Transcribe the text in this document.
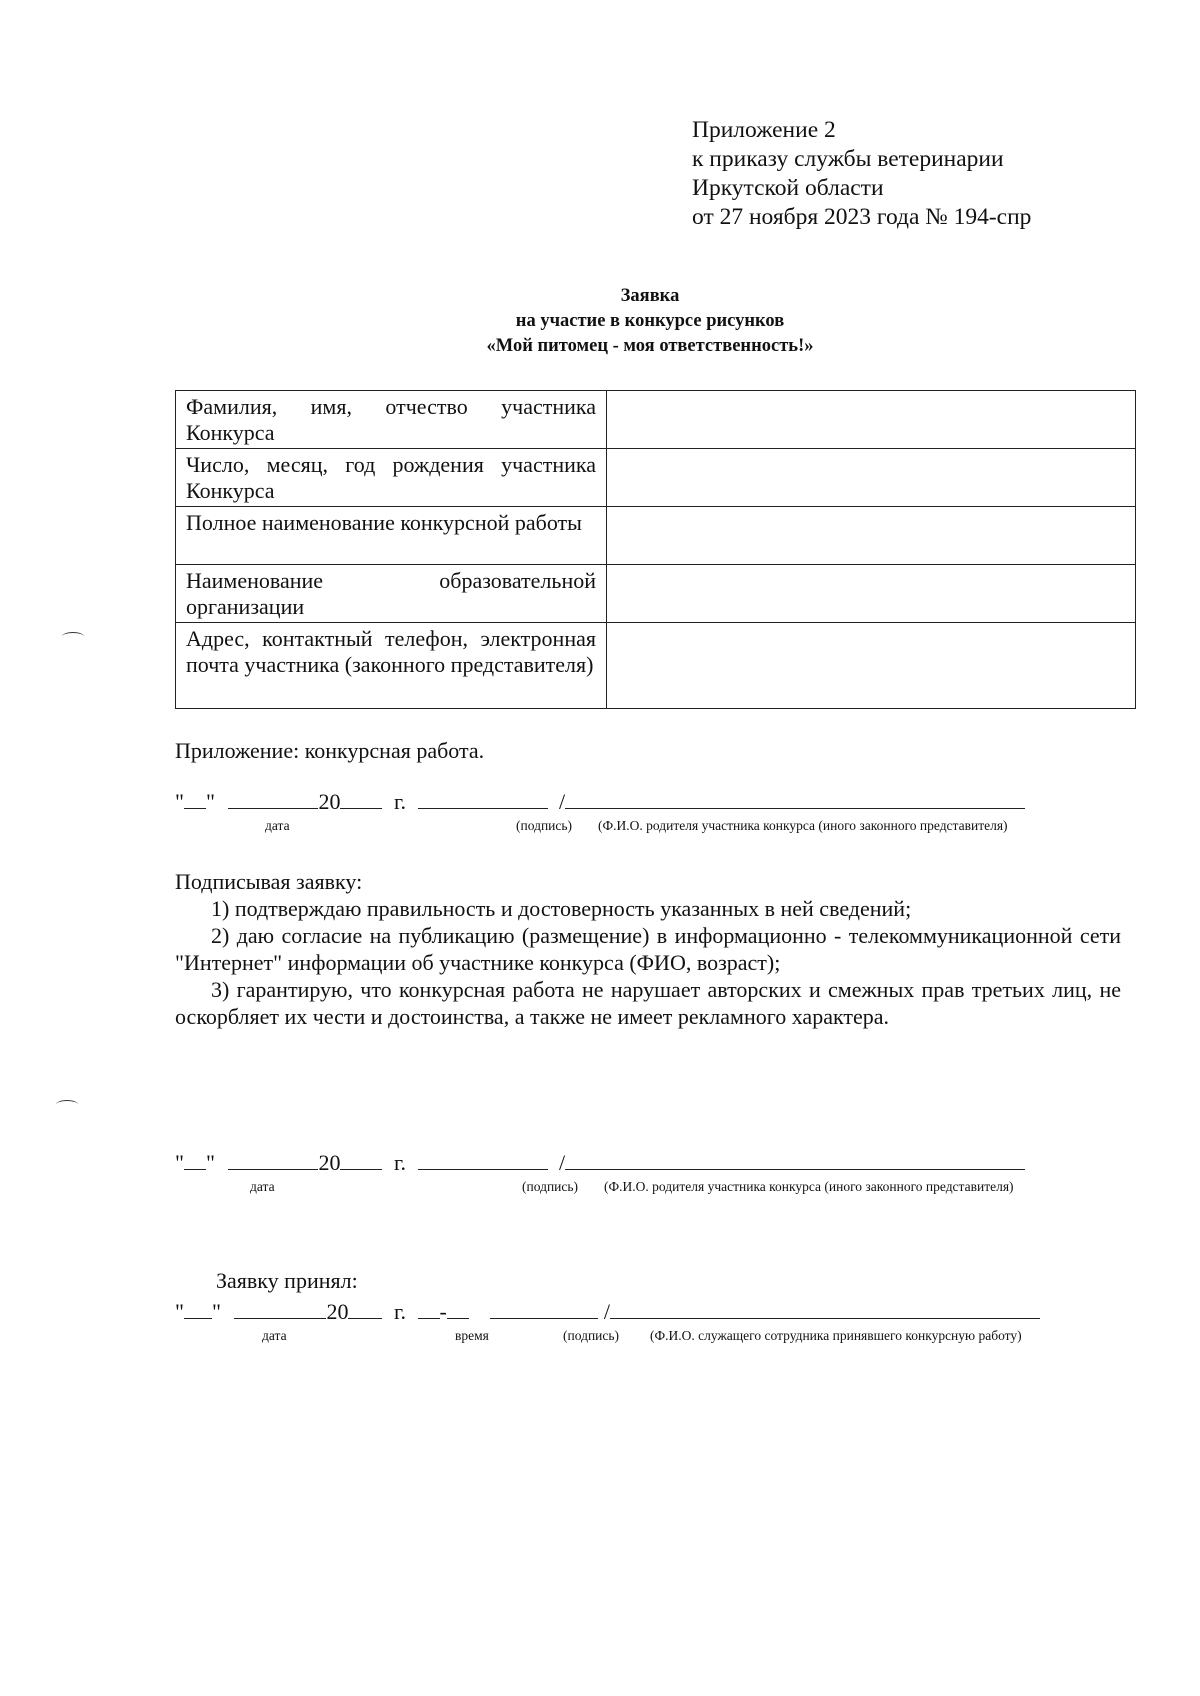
Приложение 2
к приказу службы ветеринарии
Иркутской области
от 27 ноября 2023 года № 194-спр
Заявка
на участие в конкурсе рисунков
«Мой питомец - моя ответственность!»
Фамилия, имя, отчество участника Конкурса	
Число, месяц, год рождения участника Конкурса	
Полное наименование конкурсной работы	
Наименование образовательной организации	
Адрес, контактный телефон, электронная почта участника (законного представителя)	
Приложение: конкурсная работа.
" "	20 г.	/
дата	(подпись) (Ф.И.О. родителя участника конкурса (иного законного представителя)

Подписывая заявку:

1) подтверждаю правильность и достоверность указанных в ней сведений;

2) даю согласие на публикацию (размещение) в информационно - телекоммуникационной сети "Интернет" информации об участнике конкурса (ФИО, возраст);

3) гарантирую, что конкурсная работа не нарушает авторских и смежных прав третьих лиц, не оскорбляет их чести и достоинства, а также не имеет рекламного характера.

" "	20 г.	/
дата	(подпись) (Ф.И.О. родителя участника конкурса (иного законного представителя)
Заявку принял:
" "	20 г. -	/
дата	время	(подпись) (Ф.И.О. служащего сотрудника принявшего конкурсную работу)
